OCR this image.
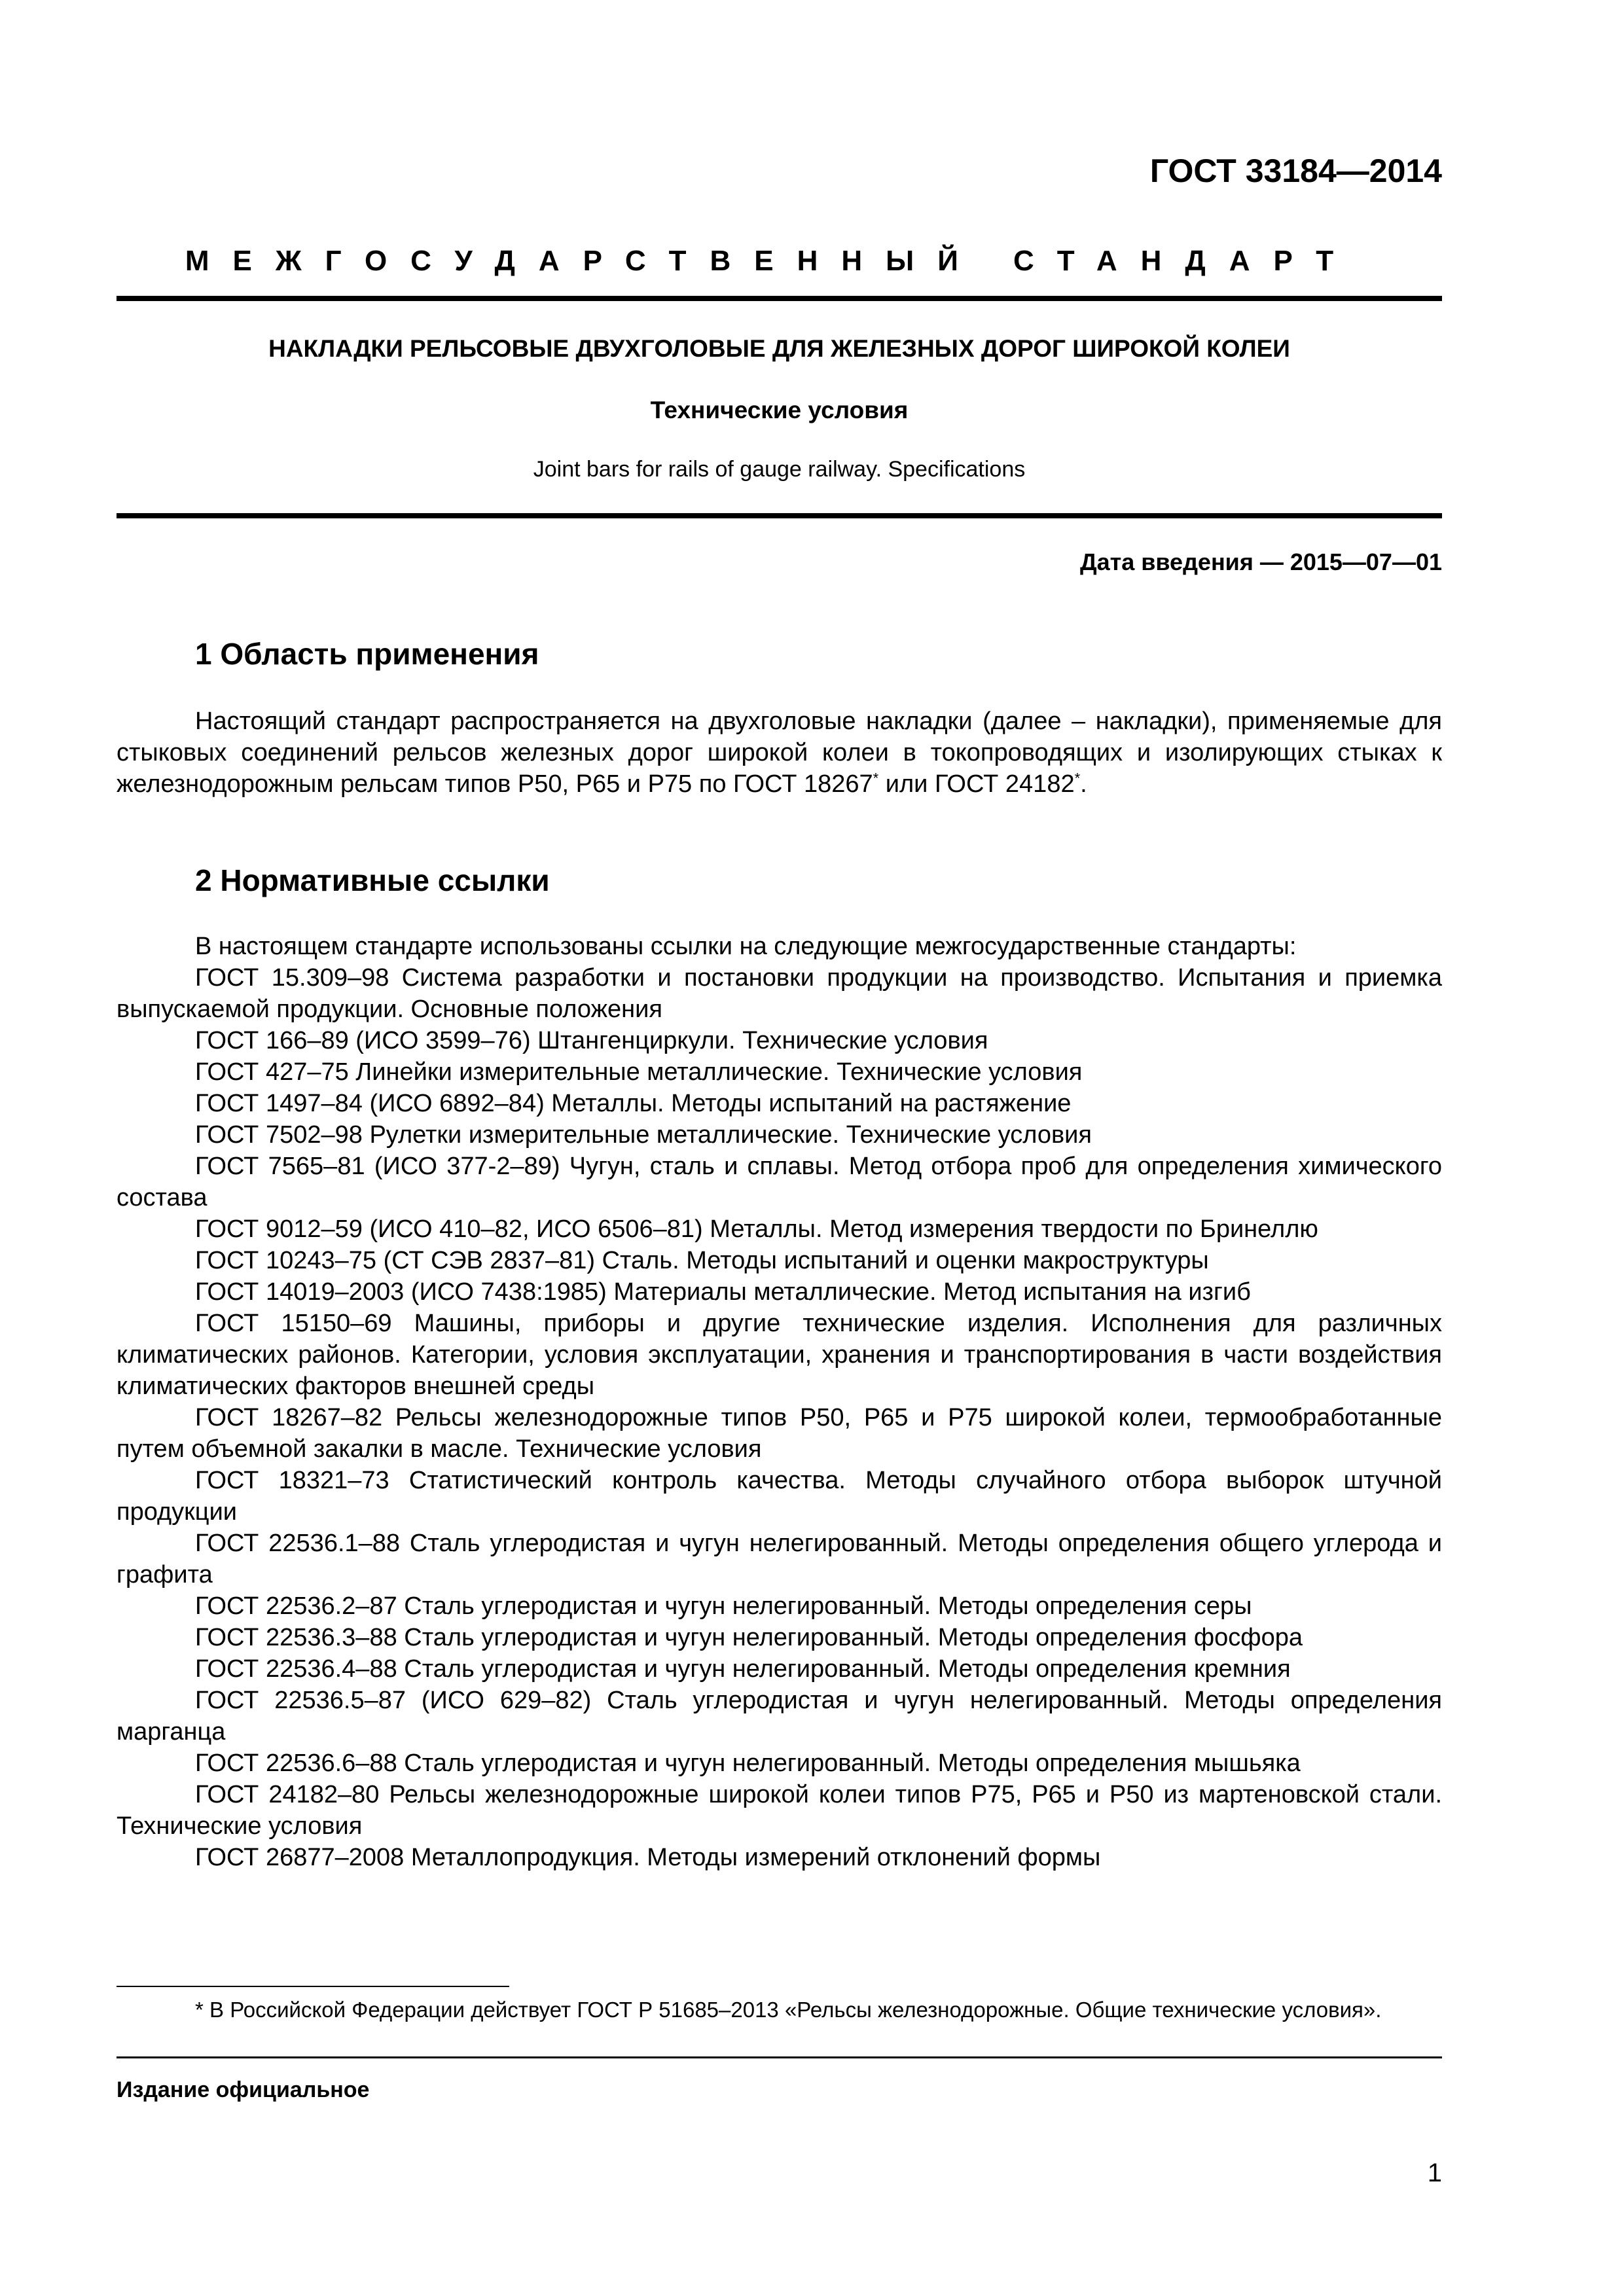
ГОСТ 33184—2014
МЕЖГОСУДАРСТВЕННЫЙ СТАНДАРТ
НАКЛАДКИ РЕЛЬСОВЫЕ ДВУХГОЛОВЫЕ ДЛЯ ЖЕЛЕЗНЫХ ДОРОГ ШИРОКОЙ КОЛЕИ
Технические условия
Joint bars for rails of gauge railway. Specifications
Дата введения — 2015—07—01
1 Область применения
Настоящий стандарт распространяется на двухголовые накладки (далее – накладки), применяемые для стыковых соединений рельсов железных дорог широкой колеи в токопроводящих и изолирующих стыках к железнодорожным рельсам типов Р50, Р65 и Р75 по ГОСТ 18267* или ГОСТ 24182*.
2 Нормативные ссылки

В настоящем стандарте использованы ссылки на следующие межгосударственные стандарты:

ГОСТ 15.309–98 Система разработки и постановки продукции на производство. Испытания и приемка выпускаемой продукции. Основные положения

ГОСТ 166–89 (ИСО 3599–76) Штангенциркули. Технические условия

ГОСТ 427–75 Линейки измерительные металлические. Технические условия

ГОСТ 1497–84 (ИСО 6892–84) Металлы. Методы испытаний на растяжение

ГОСТ 7502–98 Рулетки измерительные металлические. Технические условия

ГОСТ 7565–81 (ИСО 377-2–89) Чугун, сталь и сплавы. Метод отбора проб для определения химического состава

ГОСТ 9012–59 (ИСО 410–82, ИСО 6506–81) Металлы. Метод измерения твердости по Бринеллю

ГОСТ 10243–75 (СТ СЭВ 2837–81) Сталь. Методы испытаний и оценки макроструктуры

ГОСТ 14019–2003 (ИСО 7438:1985) Материалы металлические. Метод испытания на изгиб

ГОСТ 15150–69 Машины, приборы и другие технические изделия. Исполнения для различных климатических районов. Категории, условия эксплуатации, хранения и транспортирования в части воздействия климатических факторов внешней среды

ГОСТ 18267–82 Рельсы железнодорожные типов Р50, Р65 и Р75 широкой колеи, термообработанные путем объемной закалки в масле. Технические условия

ГОСТ 18321–73 Статистический контроль качества. Методы случайного отбора выборок штучной продукции

ГОСТ 22536.1–88 Сталь углеродистая и чугун нелегированный. Методы определения общего углерода и графита

ГОСТ 22536.2–87 Сталь углеродистая и чугун нелегированный. Методы определения серы

ГОСТ 22536.3–88 Сталь углеродистая и чугун нелегированный. Методы определения фосфора

ГОСТ 22536.4–88 Сталь углеродистая и чугун нелегированный. Методы определения кремния

ГОСТ 22536.5–87 (ИСО 629–82) Сталь углеродистая и чугун нелегированный. Методы определения марганца

ГОСТ 22536.6–88 Сталь углеродистая и чугун нелегированный. Методы определения мышьяка

ГОСТ 24182–80 Рельсы железнодорожные широкой колеи типов Р75, Р65 и Р50 из мартеновской стали. Технические условия

ГОСТ 26877–2008 Металлопродукция. Методы измерений отклонений формы

* В Российской Федерации действует ГОСТ Р 51685–2013 «Рельсы железнодорожные. Общие технические условия».
Издание официальное
1
